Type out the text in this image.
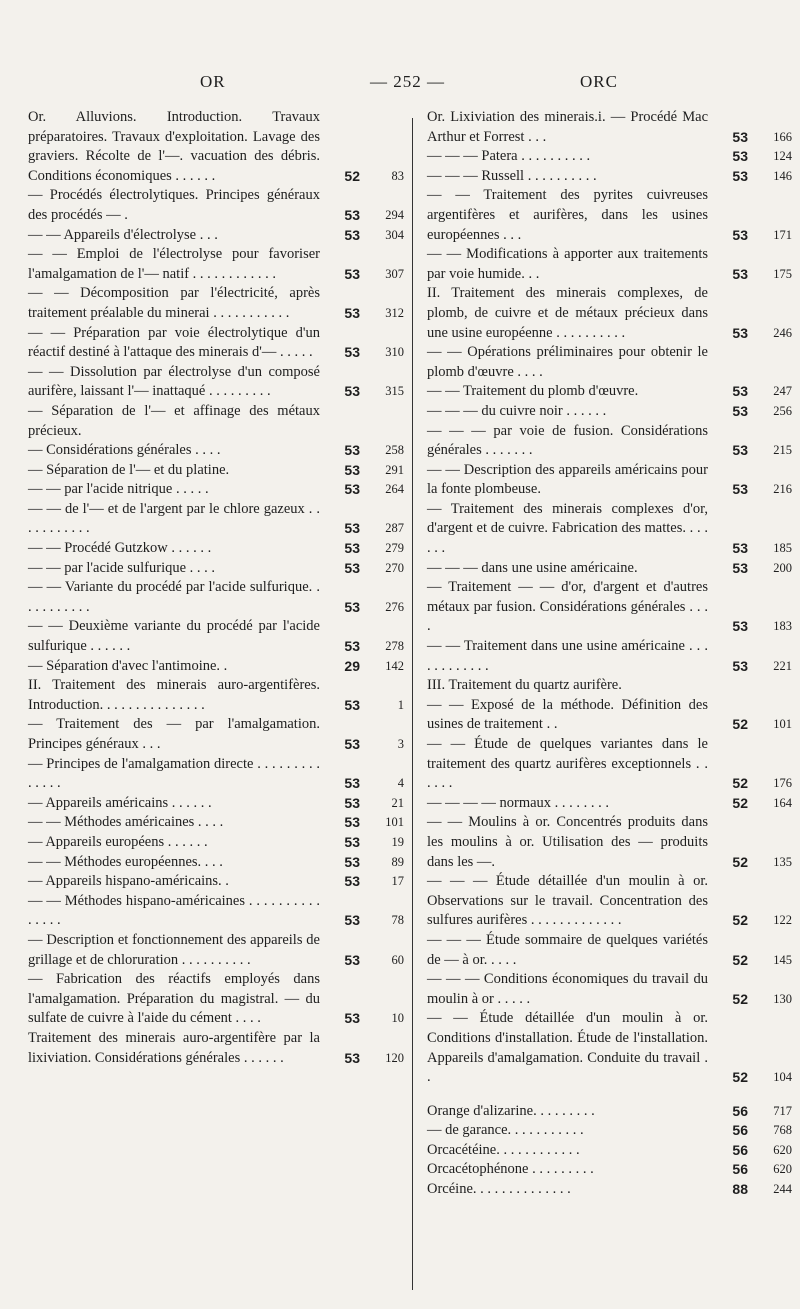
OR	— 252 —	ORC
Or. Alluvions. Introduction. Travaux préparatoires. Travaux d'exploitation. Lavage des graviers. Récolte de l'—. vacuation des débris. Conditions économiques . . . . . .	52	83
— Procédés électrolytiques. Principes généraux des procédés — .	53	294
— — Appareils d'électrolyse . . .	53	304
— — Emploi de l'électrolyse pour favoriser l'amalgamation de l'— natif . . . . . . . . . . . .	53	307
— — Décomposition par l'électricité, après traitement préalable du minerai . . . . . . . . . . .	53	312
— — Préparation par voie électrolytique d'un réactif destiné à l'attaque des minerais d'— . . . . .	53	310
— — Dissolution par électrolyse d'un composé aurifère, laissant l'— inattaqué . . . . . . . . .	53	315
— Séparation de l'— et affinage des métaux précieux.
— Considérations générales . . . .	53	258
— Séparation de l'— et du platine.	53	291
— — par l'acide nitrique . . . . .	53	264
— — de l'— et de l'argent par le chlore gazeux . . . . . . . . . . .	53	287
— — Procédé Gutzkow . . . . . .	53	279
— — par l'acide sulfurique . . . .	53	270
— — Variante du procédé par l'acide sulfurique. . . . . . . . . . .	53	276
— — Deuxième variante du procédé par l'acide sulfurique . . . . . .	53	278
— Séparation d'avec l'antimoine. .	29	142
II. Traitement des minerais auro-argentifères. Introduction. . . . . . . . . . . . . . .	53	1
— Traitement des — par l'amalgamation. Principes généraux . . .	53	3
— Principes de l'amalgamation directe . . . . . . . . . . . . . .	53	4
— Appareils américains . . . . . .	53	21
— — Méthodes américaines . . . .	53	101
— Appareils européens . . . . . .	53	19
— — Méthodes européennes. . . .	53	89
— Appareils hispano-américains. .	53	17
— — Méthodes hispano-américaines . . . . . . . . . . . . . . .	53	78
— Description et fonctionnement des appareils de grillage et de chloruration . . . . . . . . . .	53	60
— Fabrication des réactifs employés dans l'amalgamation. Préparation du magistral. — du sulfate de cuivre à l'aide du cément . . . .	53	10
Traitement des minerais auro-argentifère par la lixiviation. Considérations générales . . . . . .	53	120
Or. Lixiviation des minerais.i. — Procédé Mac Arthur et Forrest . . .	53	166
— — — Patera . . . . . . . . . .	53	124
— — — Russell . . . . . . . . . .	53	146
— — Traitement des pyrites cuivreuses argentifères et aurifères, dans les usines européennes . . .	53	171
— — Modifications à apporter aux traitements par voie humide. . .	53	175
II. Traitement des minerais complexes, de plomb, de cuivre et de métaux précieux dans une usine européenne . . . . . . . . . .	53	246
— — Opérations préliminaires pour obtenir le plomb d'œuvre . . . .
— — Traitement du plomb d'œuvre.	53	247
— — — du cuivre noir . . . . . .	53	256
— — — par voie de fusion. Considérations générales . . . . . . .	53	215
— — Description des appareils américains pour la fonte plombeuse.	53	216
— Traitement des minerais complexes d'or, d'argent et de cuivre. Fabrication des mattes. . . . . . .	53	185
— — — dans une usine américaine.	53	200
— Traitement — — d'or, d'argent et d'autres métaux par fusion. Considérations générales . . . .	53	183
— — Traitement dans une usine américaine . . . . . . . . . . . .	53	221
III. Traitement du quartz aurifère.
— — Exposé de la méthode. Définition des usines de traitement . .	52	101
— — Étude de quelques variantes dans le traitement des quartz aurifères exceptionnels . . . . . .	52	176
— — — — normaux . . . . . . . .	52	164
— — Moulins à or. Concentrés produits dans les moulins à or. Utilisation des — produits dans les —.	52	135
— — — Étude détaillée d'un moulin à or. Observations sur le travail. Concentration des sulfures aurifères . . . . . . . . . . . . .	52	122
— — — Étude sommaire de quelques variétés de — à or. . . . .	52	145
— — — Conditions économiques du travail du moulin à or . . . . .	52	130
— — Étude détaillée d'un moulin à or. Conditions d'installation. Étude de l'installation. Appareils d'amalgamation. Conduite du travail . .	52	104
Orange d'alizarine. . . . . . . . .	56	717
— de garance. . . . . . . . . . .	56	768
Orcacétéine. . . . . . . . . . . .	56	620
Orcacétophénone . . . . . . . . .	56	620
Orcéine. . . . . . . . . . . . . .	88	244
